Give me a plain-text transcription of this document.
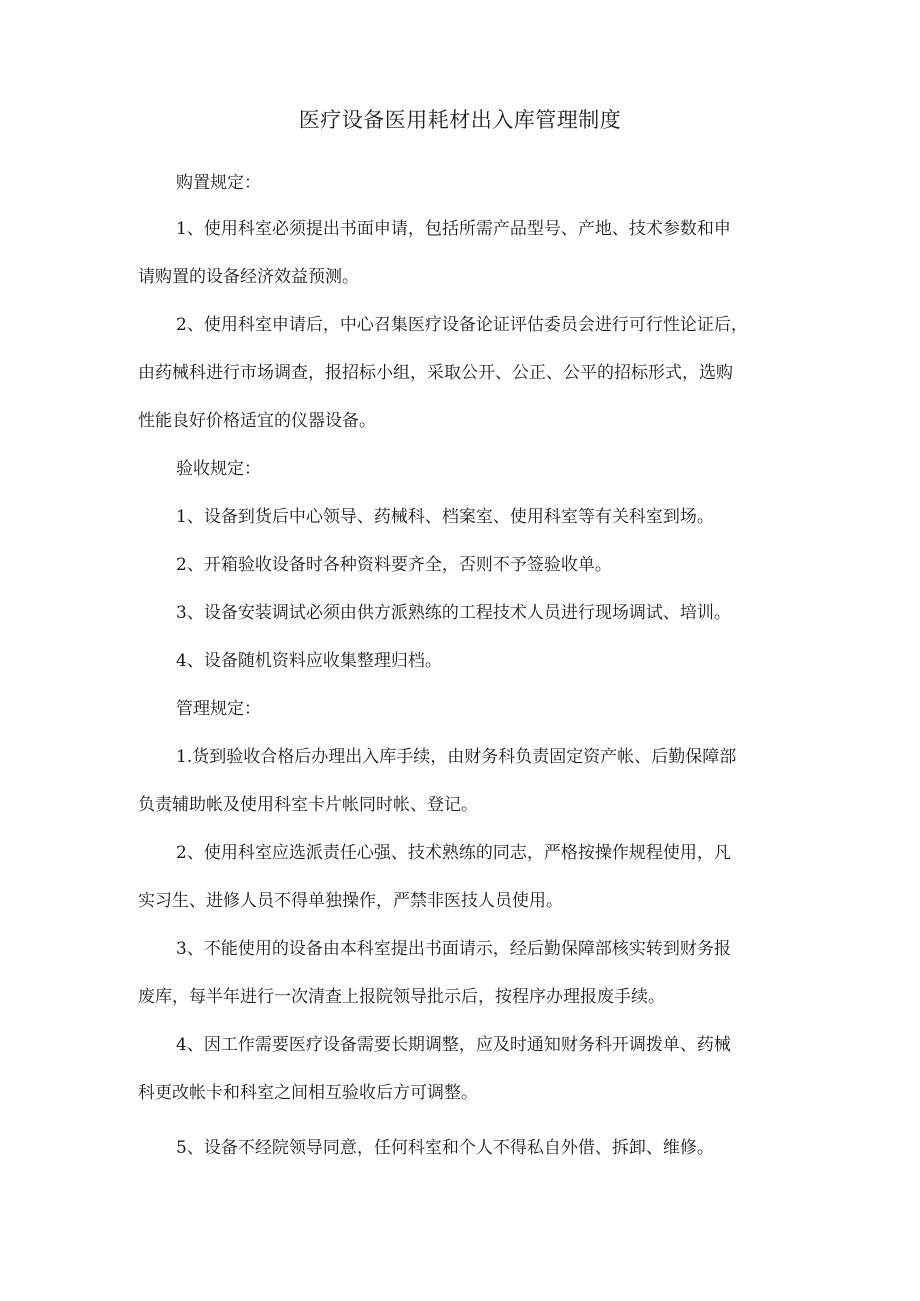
医疗设备医用耗材出入库管理制度

购置规定：

1、使用科室必须提出书面申请，包括所需产品型号、产地、技术参数和申

请购置的设备经济效益预测。

2、使用科室申请后，中心召集医疗设备论证评估委员会进行可行性论证后，

由药械科进行市场调查，报招标小组，采取公开、公正、公平的招标形式，选购

性能良好价格适宜的仪器设备。

验收规定：

1、设备到货后中心领导、药械科、档案室、使用科室等有关科室到场。

2、开箱验收设备时各种资料要齐全，否则不予签验收单。

3、设备安装调试必须由供方派熟练的工程技术人员进行现场调试、培训。

4、设备随机资料应收集整理归档。

管理规定：

1.货到验收合格后办理出入库手续，由财务科负责固定资产帐、后勤保障部

负责辅助帐及使用科室卡片帐同时帐、登记。

2、使用科室应选派责任心强、技术熟练的同志，严格按操作规程使用，凡

实习生、进修人员不得单独操作，严禁非医技人员使用。

3、不能使用的设备由本科室提出书面请示，经后勤保障部核实转到财务报

废库，每半年进行一次清查上报院领导批示后，按程序办理报废手续。

4、因工作需要医疗设备需要长期调整，应及时通知财务科开调拨单、药械

科更改帐卡和科室之间相互验收后方可调整。

5、设备不经院领导同意，任何科室和个人不得私自外借、拆卸、维修。
